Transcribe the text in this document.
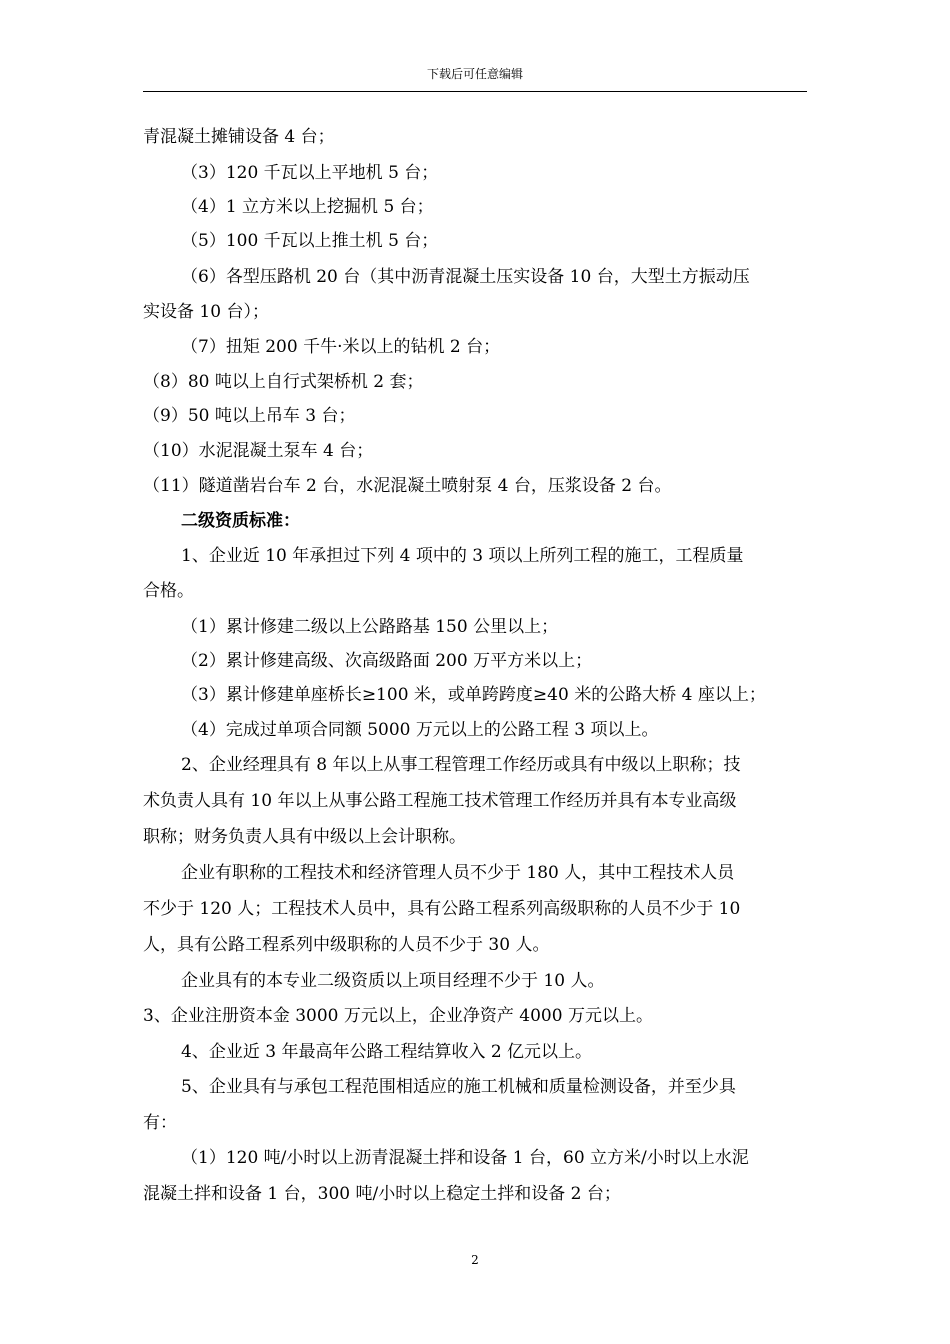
下载后可任意编辑
青混凝土摊铺设备 4 台；
（3）120 千瓦以上平地机 5 台；
（4）1 立方米以上挖掘机 5 台；
（5）100 千瓦以上推土机 5 台；
（6）各型压路机 20 台（其中沥青混凝土压实设备 10 台，大型土方振动压
实设备 10 台）；
（7）扭矩 200 千牛·米以上的钻机 2 台；
（8）80 吨以上自行式架桥机 2 套；
（9）50 吨以上吊车 3 台；
（10）水泥混凝土泵车 4 台；
（11）隧道凿岩台车 2 台，水泥混凝土喷射泵 4 台，压浆设备 2 台。
二级资质标准：
1、企业近 10 年承担过下列 4 项中的 3 项以上所列工程的施工，工程质量
合格。
（1）累计修建二级以上公路路基 150 公里以上；
（2）累计修建高级、次高级路面 200 万平方米以上；
（3）累计修建单座桥长≥100 米，或单跨跨度≥40 米的公路大桥 4 座以上；
（4）完成过单项合同额 5000 万元以上的公路工程 3 项以上。
2、企业经理具有 8 年以上从事工程管理工作经历或具有中级以上职称；技
术负责人具有 10 年以上从事公路工程施工技术管理工作经历并具有本专业高级
职称；财务负责人具有中级以上会计职称。
企业有职称的工程技术和经济管理人员不少于 180 人，其中工程技术人员
不少于 120 人；工程技术人员中，具有公路工程系列高级职称的人员不少于 10
人，具有公路工程系列中级职称的人员不少于 30 人。
企业具有的本专业二级资质以上项目经理不少于 10 人。
3、企业注册资本金 3000 万元以上，企业净资产 4000 万元以上。
4、企业近 3 年最高年公路工程结算收入 2 亿元以上。
5、企业具有与承包工程范围相适应的施工机械和质量检测设备，并至少具
有：
（1）120 吨/小时以上沥青混凝土拌和设备 1 台，60 立方米/小时以上水泥
混凝土拌和设备 1 台，300 吨/小时以上稳定土拌和设备 2 台；
2
